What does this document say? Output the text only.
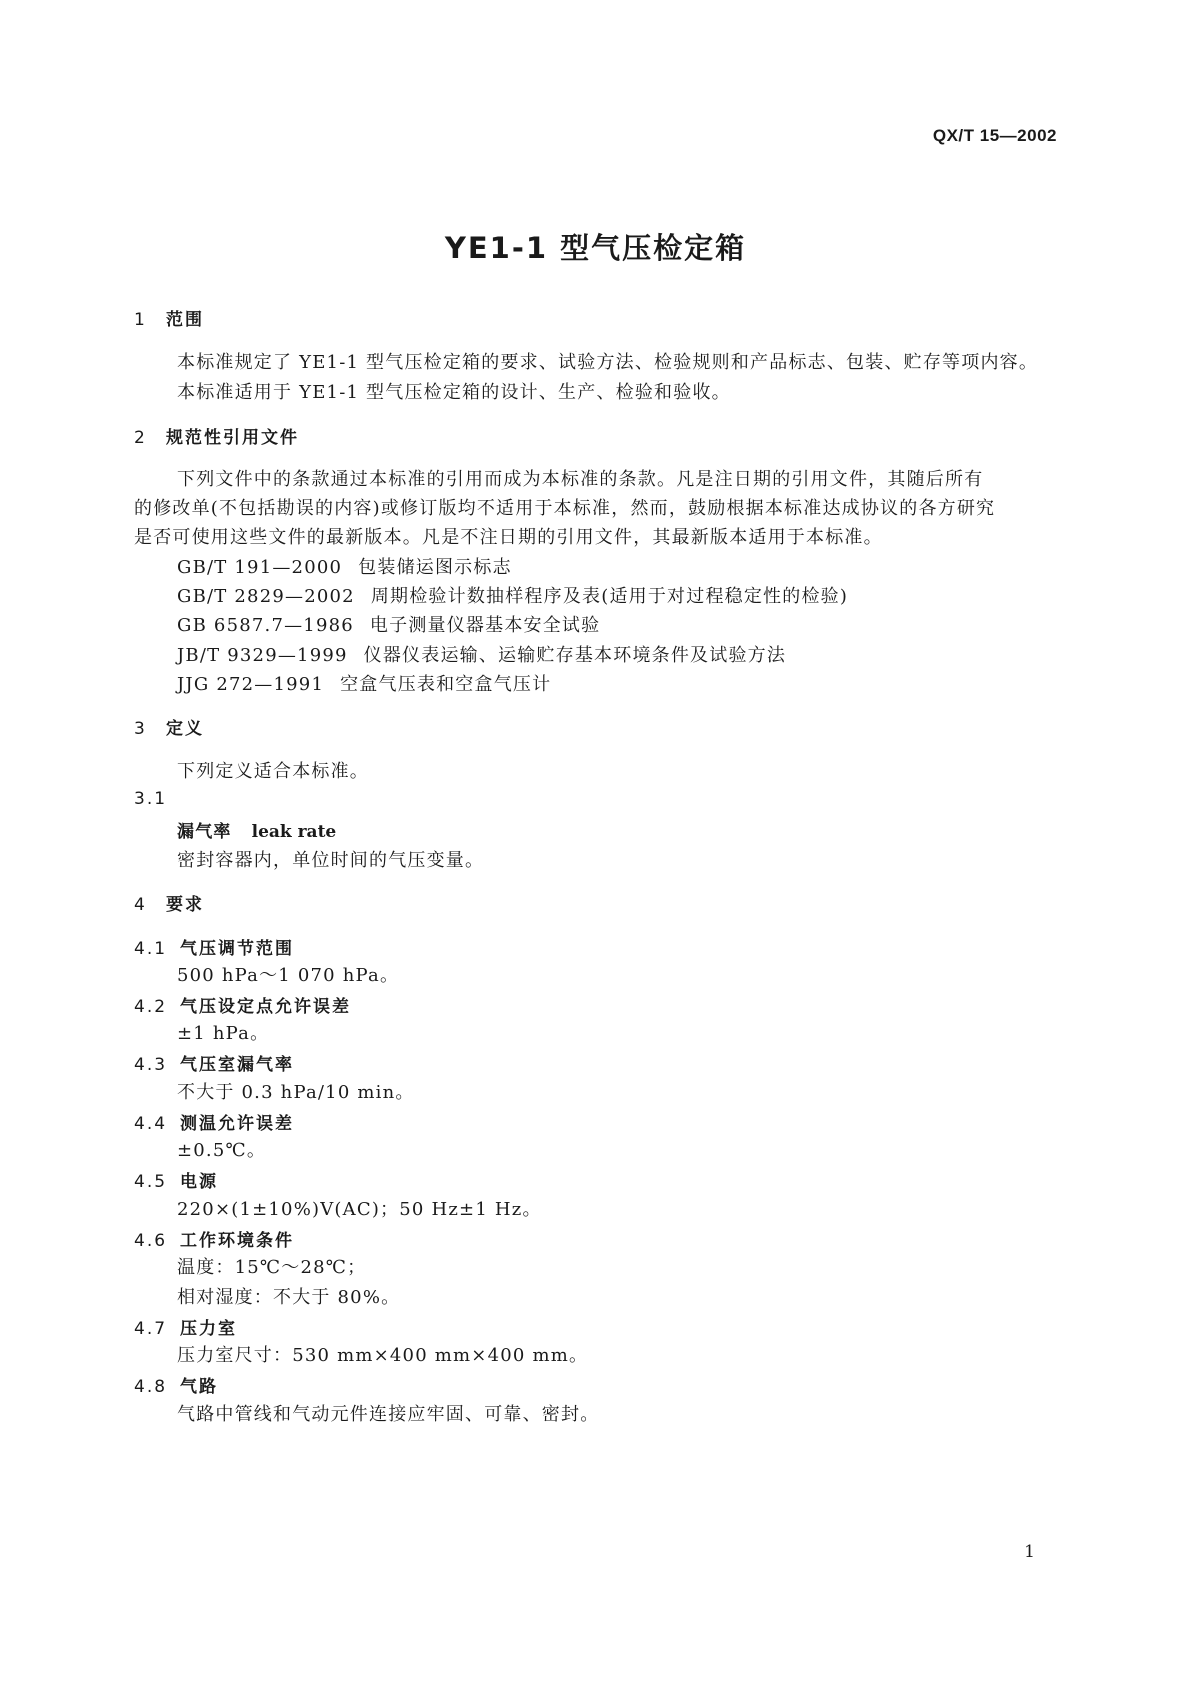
QX/T 15—2002
YE1-1 型气压检定箱
1 范围
本标准规定了 YE1-1 型气压检定箱的要求、试验方法、检验规则和产品标志、包装、贮存等项内容。
本标准适用于 YE1-1 型气压检定箱的设计、生产、检验和验收。
2 规范性引用文件
下列文件中的条款通过本标准的引用而成为本标准的条款。凡是注日期的引用文件，其随后所有
的修改单(不包括勘误的内容)或修订版均不适用于本标准，然而，鼓励根据本标准达成协议的各方研究
是否可使用这些文件的最新版本。凡是不注日期的引用文件，其最新版本适用于本标准。
GB/T 191—2000 包装储运图示标志
GB/T 2829—2002 周期检验计数抽样程序及表(适用于对过程稳定性的检验)
GB 6587.7—1986 电子测量仪器基本安全试验
JB/T 9329—1999 仪器仪表运输、运输贮存基本环境条件及试验方法
JJG 272—1991 空盒气压表和空盒气压计
3 定义
下列定义适合本标准。
3.1
漏气率 leak rate
密封容器内，单位时间的气压变量。
4 要求
4.1 气压调节范围
500 hPa～1 070 hPa。
4.2 气压设定点允许误差
±1 hPa。
4.3 气压室漏气率
不大于 0.3 hPa/10 min。
4.4 测温允许误差
±0.5℃。
4.5 电源
220×(1±10%)V(AC)；50 Hz±1 Hz。
4.6 工作环境条件
温度：15℃～28℃；
相对湿度：不大于 80%。
4.7 压力室
压力室尺寸：530 mm×400 mm×400 mm。
4.8 气路
气路中管线和气动元件连接应牢固、可靠、密封。
1
